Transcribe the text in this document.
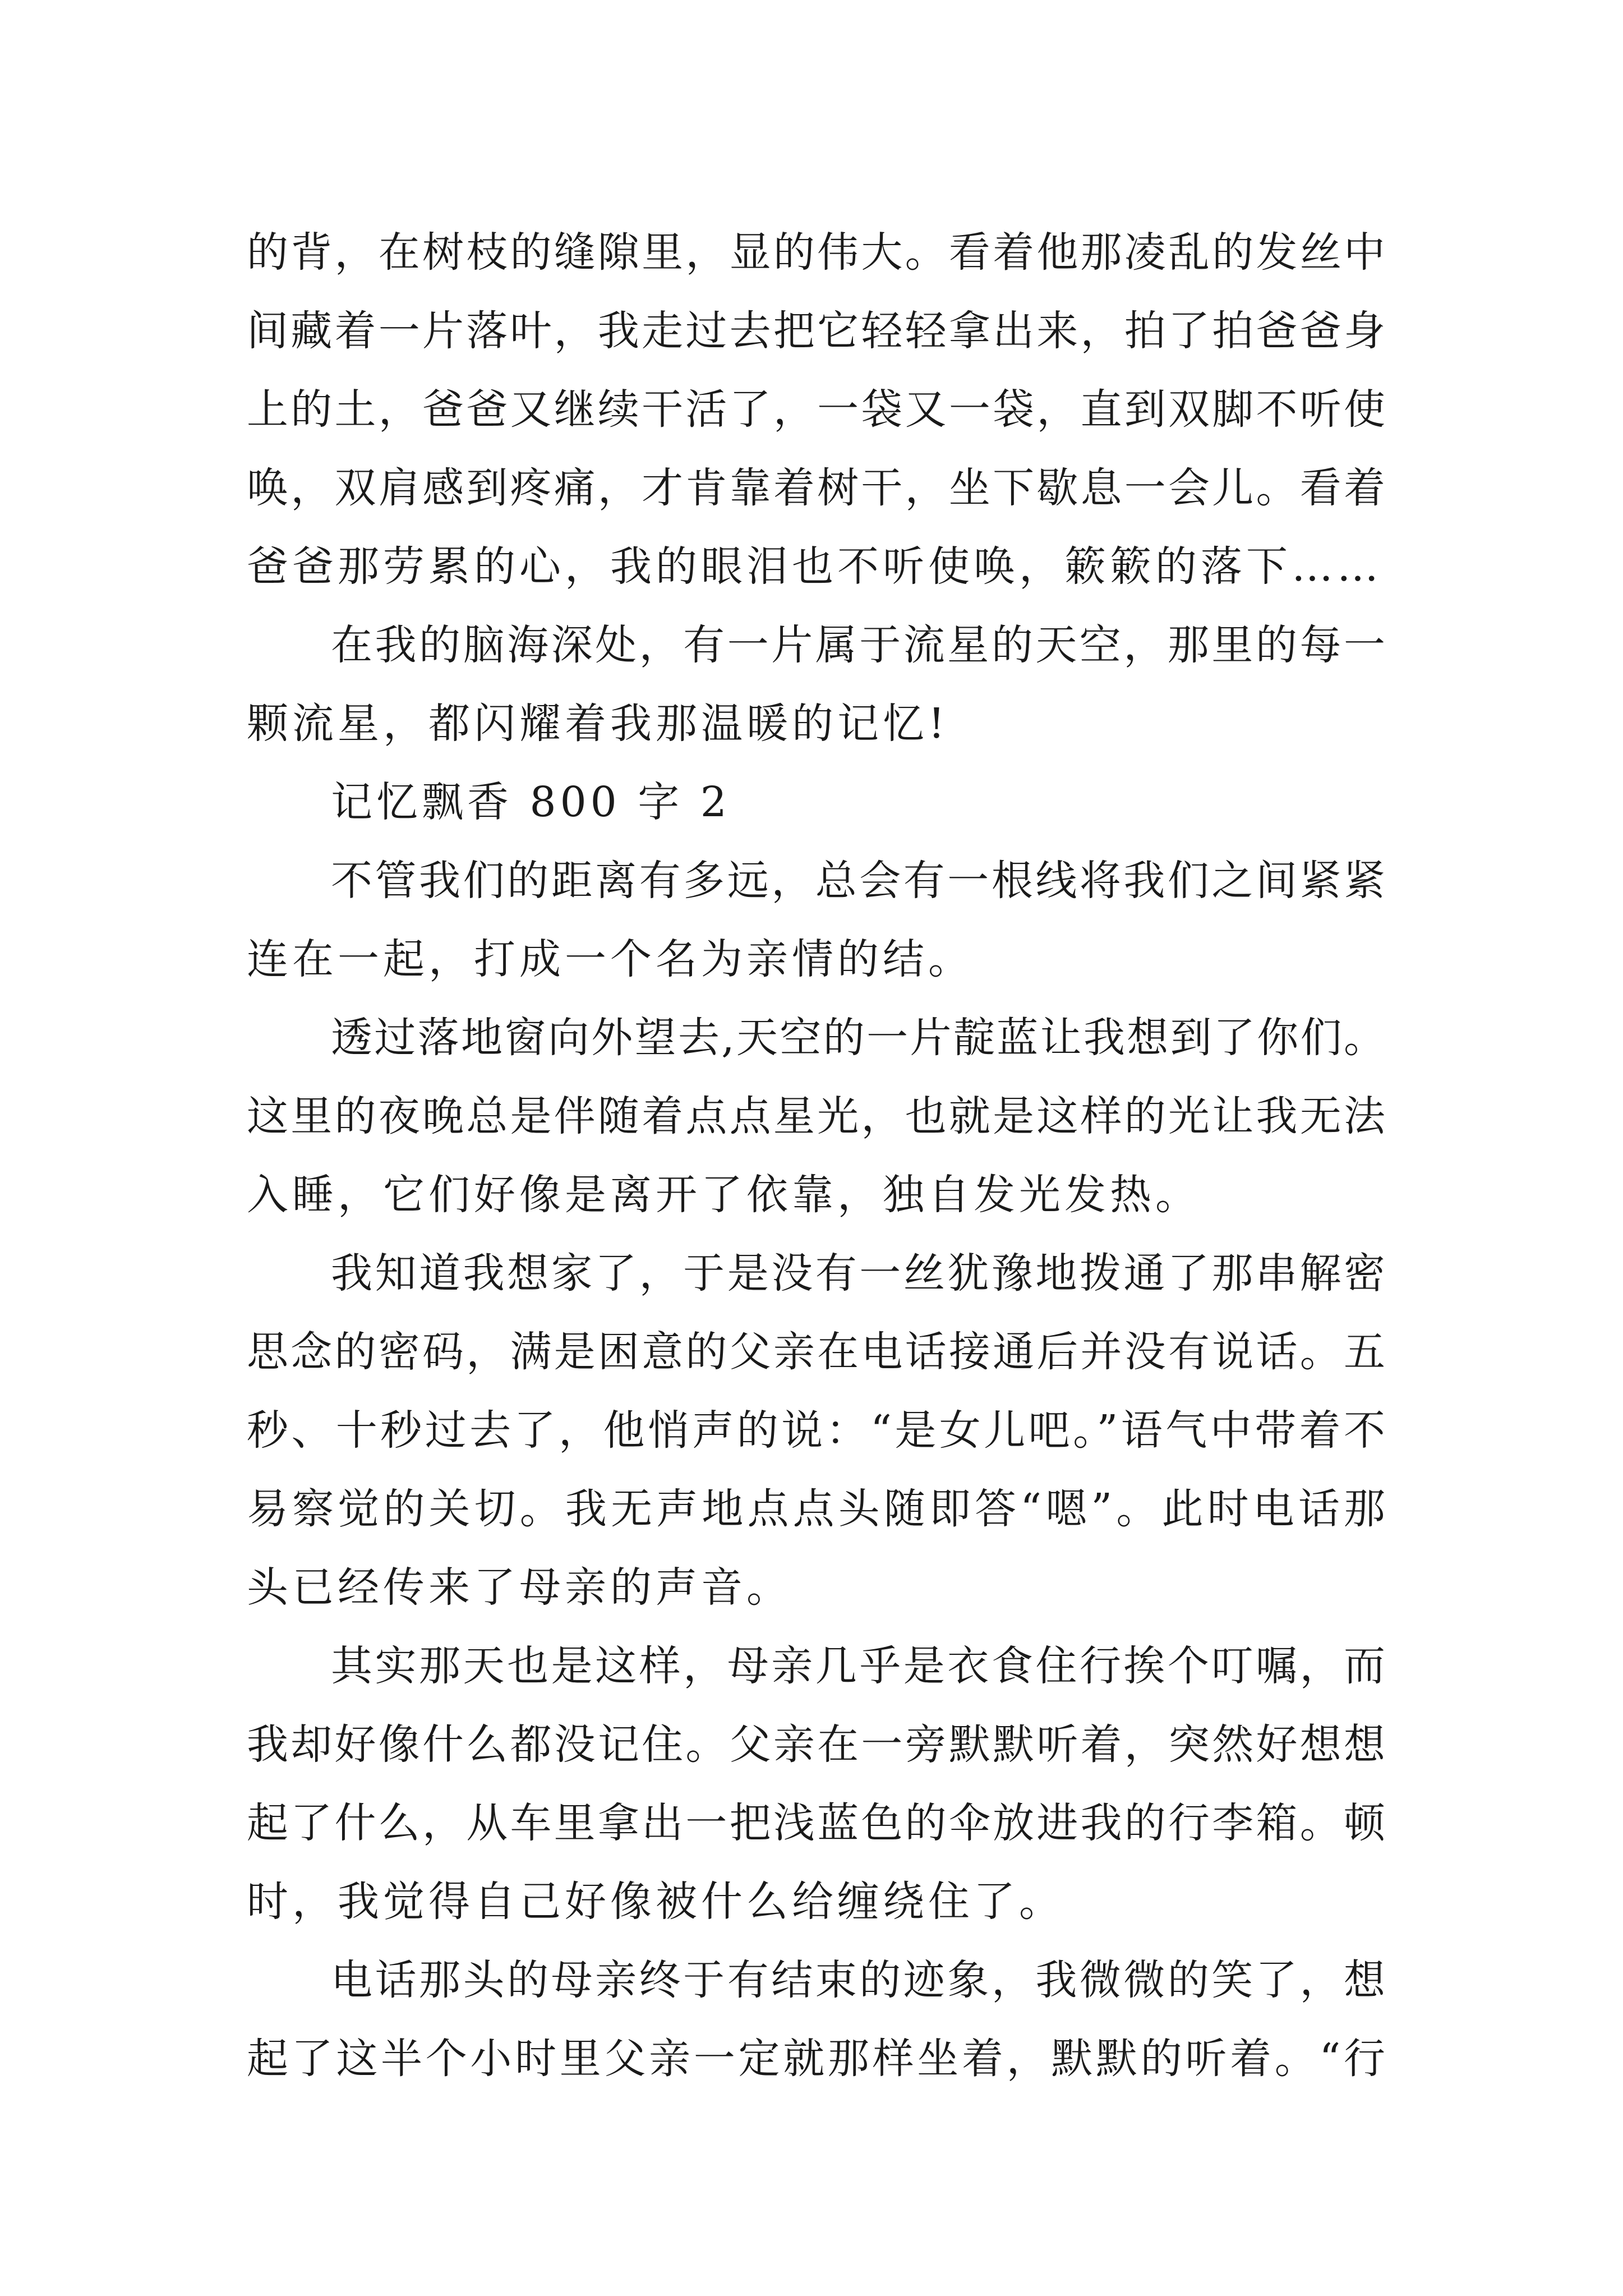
的背，在树枝的缝隙里，显的伟大。看着他那凌乱的发丝中
间藏着一片落叶，我走过去把它轻轻拿出来，拍了拍爸爸身
上的土，爸爸又继续干活了，一袋又一袋，直到双脚不听使
唤，双肩感到疼痛，才肯靠着树干，坐下歇息一会儿。看着
爸爸那劳累的心，我的眼泪也不听使唤，簌簌的落下……
在我的脑海深处，有一片属于流星的天空，那里的每一
颗流星，都闪耀着我那温暖的记忆!
记忆飘香 800 字 2
不管我们的距离有多远，总会有一根线将我们之间紧紧
连在一起，打成一个名为亲情的结。
透过落地窗向外望去,天空的一片靛蓝让我想到了你们。
这里的夜晚总是伴随着点点星光，也就是这样的光让我无法
入睡，它们好像是离开了依靠，独自发光发热。
我知道我想家了，于是没有一丝犹豫地拨通了那串解密
思念的密码，满是困意的父亲在电话接通后并没有说话。五
秒、十秒过去了，他悄声的说：“是女儿吧。”语气中带着不
易察觉的关切。我无声地点点头随即答“嗯”。此时电话那
头已经传来了母亲的声音。
其实那天也是这样，母亲几乎是衣食住行挨个叮嘱，而
我却好像什么都没记住。父亲在一旁默默听着，突然好想想
起了什么，从车里拿出一把浅蓝色的伞放进我的行李箱。顿
时，我觉得自己好像被什么给缠绕住了。
电话那头的母亲终于有结束的迹象，我微微的笑了，想
起了这半个小时里父亲一定就那样坐着，默默的听着。“行
